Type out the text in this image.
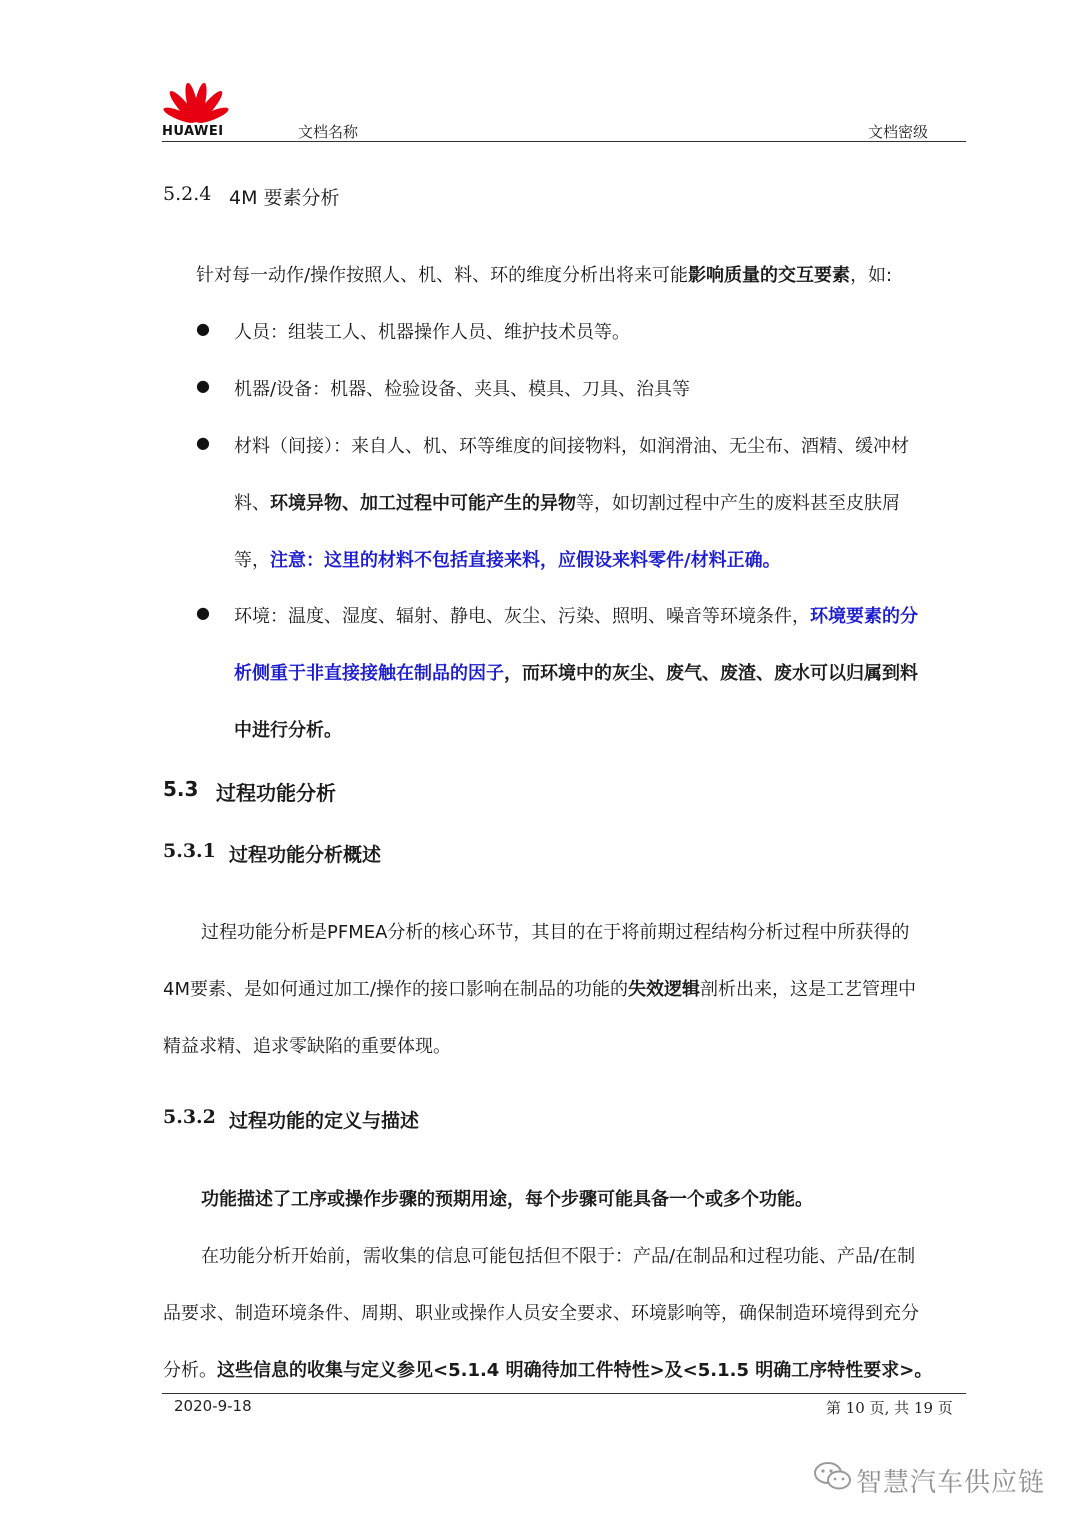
HUAWEI	文档名称	文档密级
5.2.4 4M 要素分析
针对每一动作/操作按照人、机、料、环的维度分析出将来可能影响质量的交互要素，如:
● 人员：组装工人、机器操作人员、维护技术员等。
● 机器/设备：机器、检验设备、夹具、模具、刀具、治具等
● 材料（间接）：来自人、机、环等维度的间接物料，如润滑油、无尘布、酒精、缓冲材
料、环境异物、加工过程中可能产生的异物等，如切割过程中产生的废料甚至皮肤屑
等，注意：这里的材料不包括直接来料，应假设来料零件/材料正确。
● 环境：温度、湿度、辐射、静电、灰尘、污染、照明、噪音等环境条件，环境要素的分
析侧重于非直接接触在制品的因子，而环境中的灰尘、废气、废渣、废水可以归属到料
中进行分析。
5.3 过程功能分析
5.3.1 过程功能分析概述
过程功能分析是PFMEA分析的核心环节，其目的在于将前期过程结构分析过程中所获得的
4M要素、是如何通过加工/操作的接口影响在制品的功能的失效逻辑剖析出来，这是工艺管理中
精益求精、追求零缺陷的重要体现。
5.3.2 过程功能的定义与描述
功能描述了工序或操作步骤的预期用途，每个步骤可能具备一个或多个功能。
在功能分析开始前，需收集的信息可能包括但不限于：产品/在制品和过程功能、产品/在制
品要求、制造环境条件、周期、职业或操作人员安全要求、环境影响等，确保制造环境得到充分
分析。这些信息的收集与定义参见<5.1.4 明确待加工件特性>及<5.1.5 明确工序特性要求>。
2020-9-18	第 10 页, 共 19 页
智慧汽车供应链
